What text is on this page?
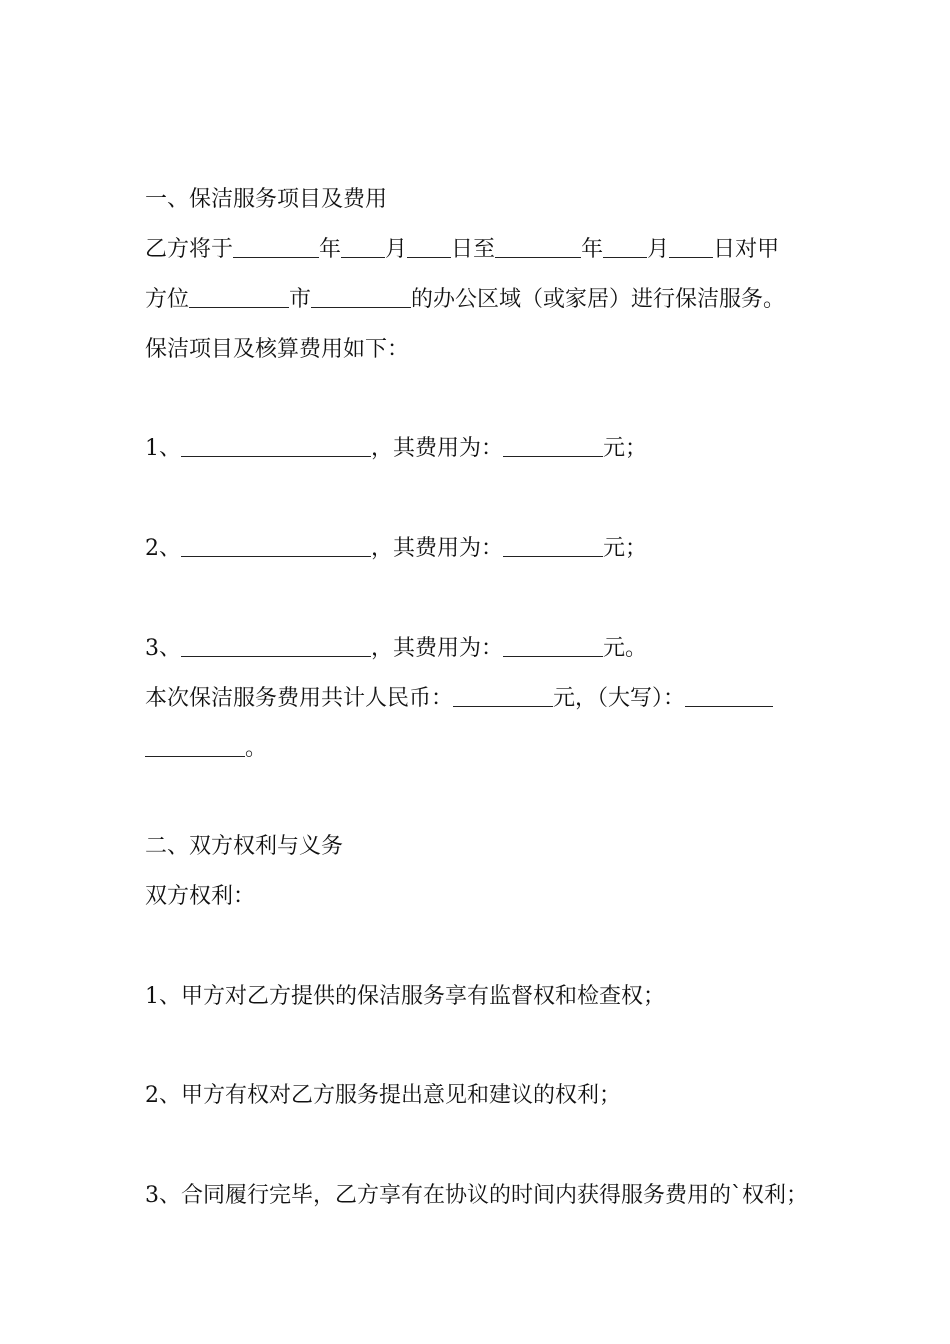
一、保洁服务项目及费用
乙方将于	年 月 日至	年 月 日对甲
方位	市	的办公区域（或家居）进行保洁服务。
保洁项目及核算费用如下：
1、	，其费用为：	元；
2、	，其费用为：	元；
3、	，其费用为：	元。
本次保洁服务费用共计人民币：	元，（大写）：
。
二、双方权利与义务
双方权利：
1、甲方对乙方提供的保洁服务享有监督权和检查权；
2、甲方有权对乙方服务提出意见和建议的权利；
3、合同履行完毕，乙方享有在协议的时间内获得服务费用的`权利；
